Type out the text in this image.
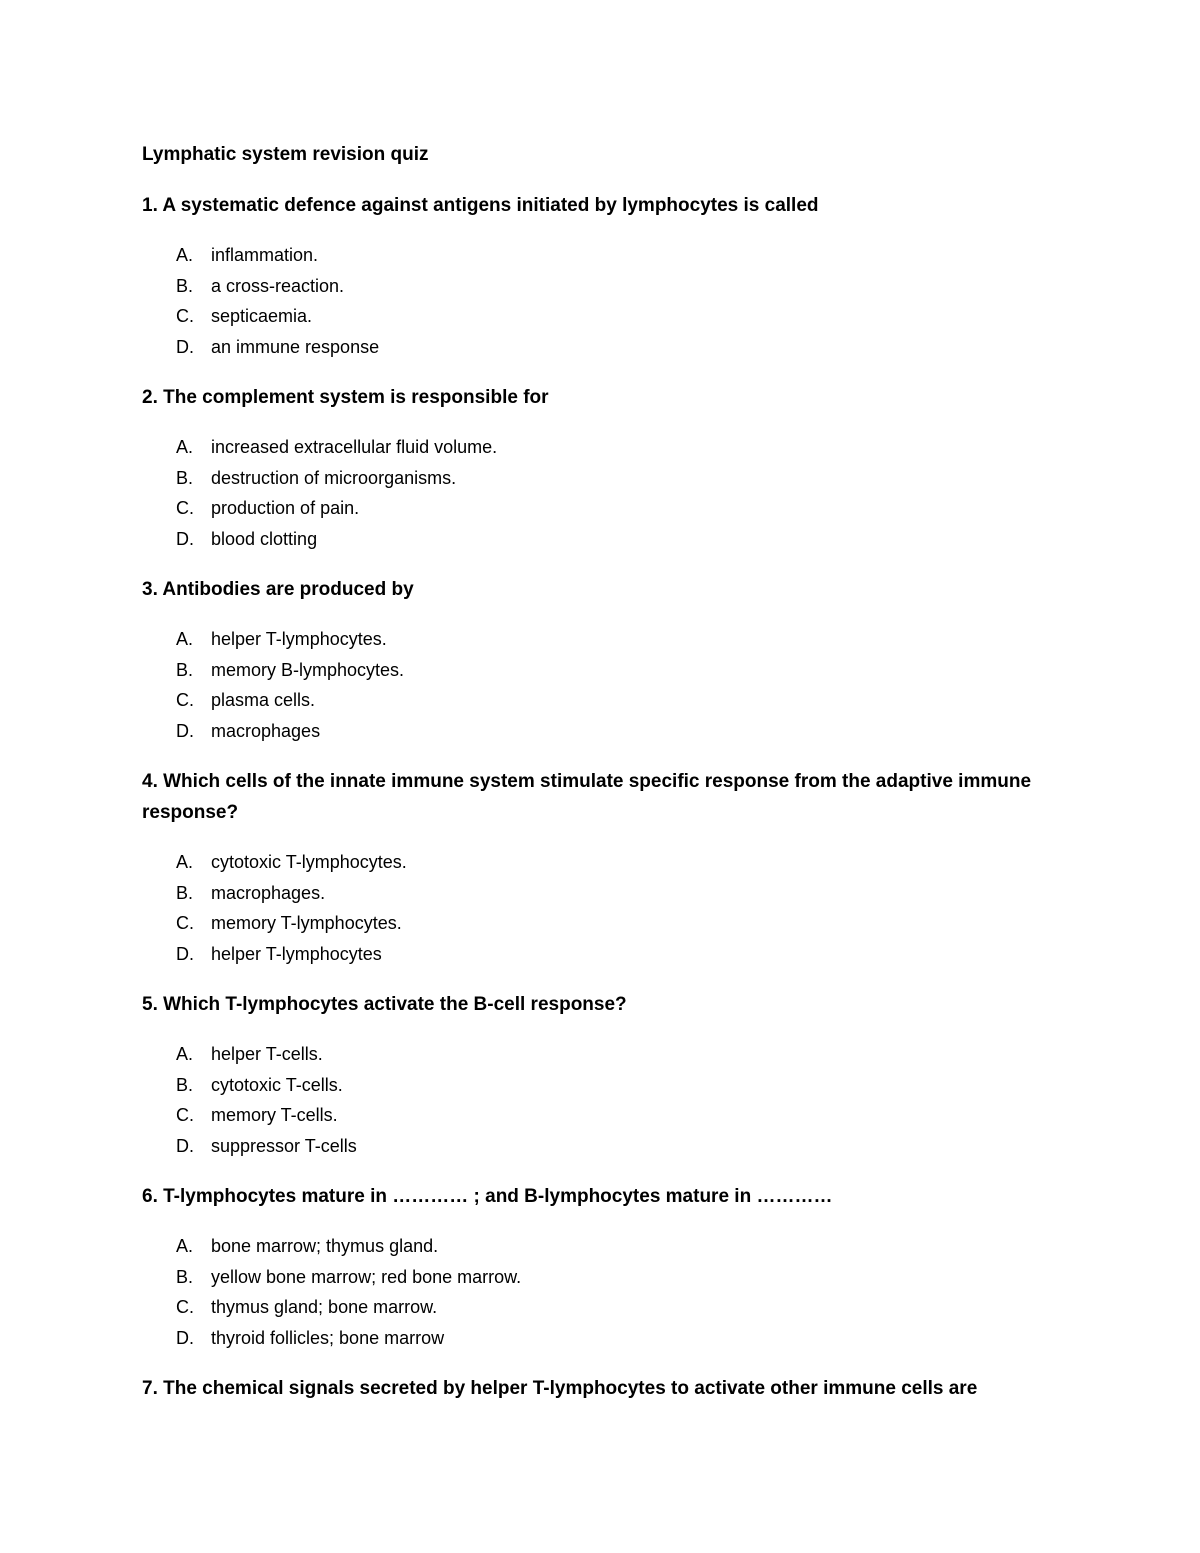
Lymphatic system revision quiz
1. A systematic defence against antigens initiated by lymphocytes is called
A. inflammation.
B. a cross-reaction.
C. septicaemia.
D. an immune response
2. The complement system is responsible for
A. increased extracellular fluid volume.
B. destruction of microorganisms.
C. production of pain.
D. blood clotting
3. Antibodies are produced by
A. helper T-lymphocytes.
B. memory B-lymphocytes.
C. plasma cells.
D. macrophages
4. Which cells of the innate immune system stimulate specific response from the adaptive immune response?
A. cytotoxic T-lymphocytes.
B. macrophages.
C. memory T-lymphocytes.
D. helper T-lymphocytes
5. Which T-lymphocytes activate the B-cell response?
A. helper T-cells.
B. cytotoxic T-cells.
C. memory T-cells.
D. suppressor T-cells
6. T-lymphocytes mature in ………… ; and B-lymphocytes mature in …………
A. bone marrow; thymus gland.
B. yellow bone marrow; red bone marrow.
C. thymus gland; bone marrow.
D. thyroid follicles; bone marrow
7. The chemical signals secreted by helper T-lymphocytes to activate other immune cells are
